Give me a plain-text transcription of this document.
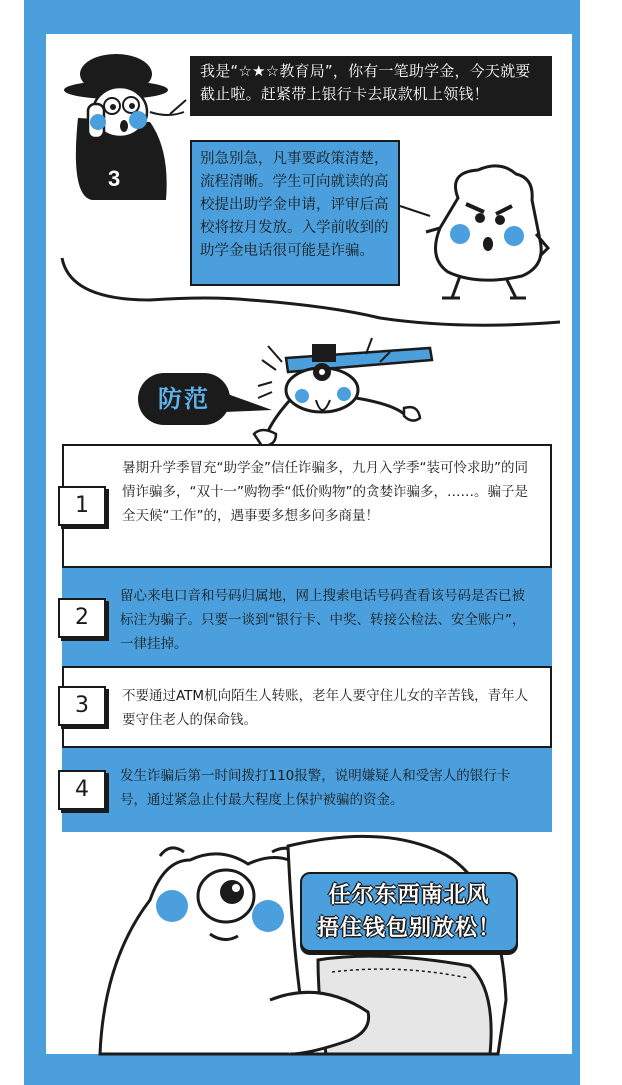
3
我是“☆★☆教育局”，你有一笔助学金，今天就要截止啦。赶紧带上银行卡去取款机上领钱！
别急别急，凡事要政策清楚，流程清晰。学生可向就读的高校提出助学金申请，评审后高校将按月发放。入学前收到的助学金电话很可能是诈骗。
防范
暑期升学季冒充“助学金”信任诈骗多，九月入学季“装可怜求助”的同情诈骗多，“双十一”购物季“低价购物”的贪婪诈骗多，……。骗子是全天候“工作”的，遇事要多想多问多商量！
留心来电口音和号码归属地，网上搜索电话号码查看该号码是否已被标注为骗子。只要一谈到“银行卡、中奖、转接公检法、安全账户”，一律挂掉。
不要通过ATM机向陌生人转账，老年人要守住儿女的辛苦钱，青年人要守住老人的保命钱。
发生诈骗后第一时间拨打110报警，说明嫌疑人和受害人的银行卡号，通过紧急止付最大程度上保护被骗的资金。
1
2
3
4
任尔东西南北风
捂住钱包别放松！
